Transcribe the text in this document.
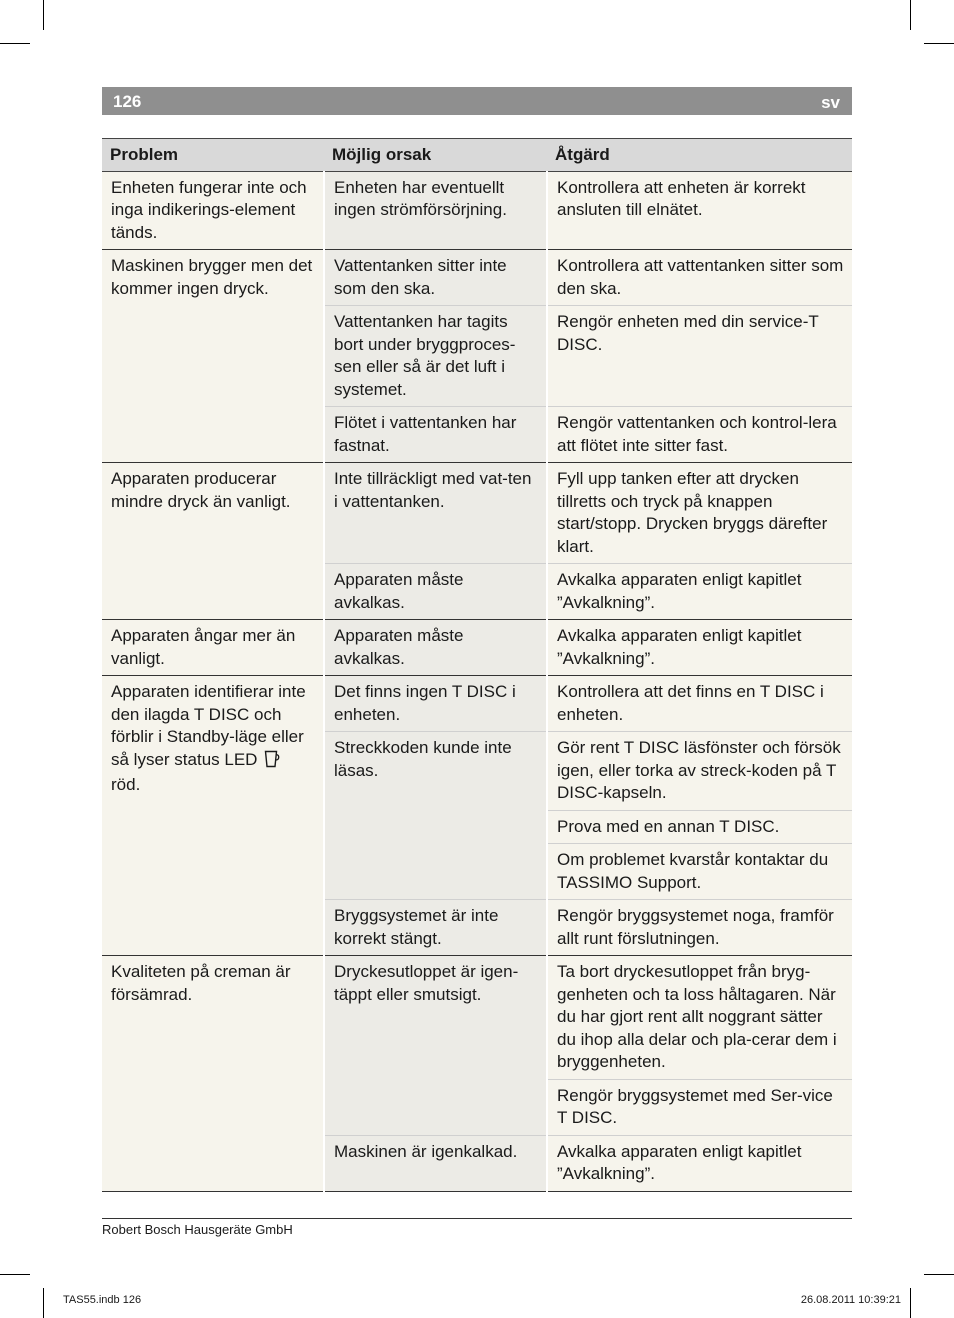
126	sv
Problem	Möjlig orsak	Åtgärd
Enheten fungerar inte och inga indikerings-element tänds.	Enheten har eventuellt ingen strömförsörjning.	Kontrollera att enheten är korrekt ansluten till elnätet.
Maskinen brygger men det kommer ingen dryck.	Vattentanken sitter inte som den ska.	Kontrollera att vattentanken sitter som den ska.
	Vattentanken har tagits bort under bryggproces-sen eller så är det luft i systemet.	Rengör enheten med din service-T DISC.
	Flötet i vattentanken har fastnat.	Rengör vattentanken och kontrol-lera att flötet inte sitter fast.
Apparaten producerar mindre dryck än vanligt.	Inte tillräckligt med vat-ten i vattentanken.	Fyll upp tanken efter att drycken tillretts och tryck på knappen start/stopp. Drycken bryggs därefter klart.
	Apparaten måste avkalkas.	Avkalka apparaten enligt kapitlet ”Avkalkning”.
Apparaten ångar mer än vanligt.	Apparaten måste avkalkas.	Avkalka apparaten enligt kapitlet ”Avkalkning”.
Apparaten identifierar inte den ilagda T DISC och förblir i Standby-läge eller så lyser status LED  röd.	Det finns ingen T DISC i enheten.	Kontrollera att det finns en T DISC i enheten.
	Streckkoden kunde inte läsas.	Gör rent T DISC läsfönster och försök igen, eller torka av streck-koden på T DISC-kapseln.
		Prova med en annan T DISC.
		Om problemet kvarstår kontaktar du TASSIMO Support.
	Bryggsystemet är inte korrekt stängt.	Rengör bryggsystemet noga, framför allt runt förslutningen.
Kvaliteten på creman är försämrad.	Dryckesutloppet är igen-täppt eller smutsigt.	Ta bort dryckesutloppet från bryg-genheten och ta loss håltagaren. När du har gjort rent allt noggrant sätter du ihop alla delar och pla-cerar dem i bryggenheten.
		Rengör bryggsystemet med Ser-vice T DISC.
	Maskinen är igenkalkad.	Avkalka apparaten enligt kapitlet ”Avkalkning”.
Robert Bosch Hausgeräte GmbH
TAS55.indb 126	26.08.2011 10:39:21
